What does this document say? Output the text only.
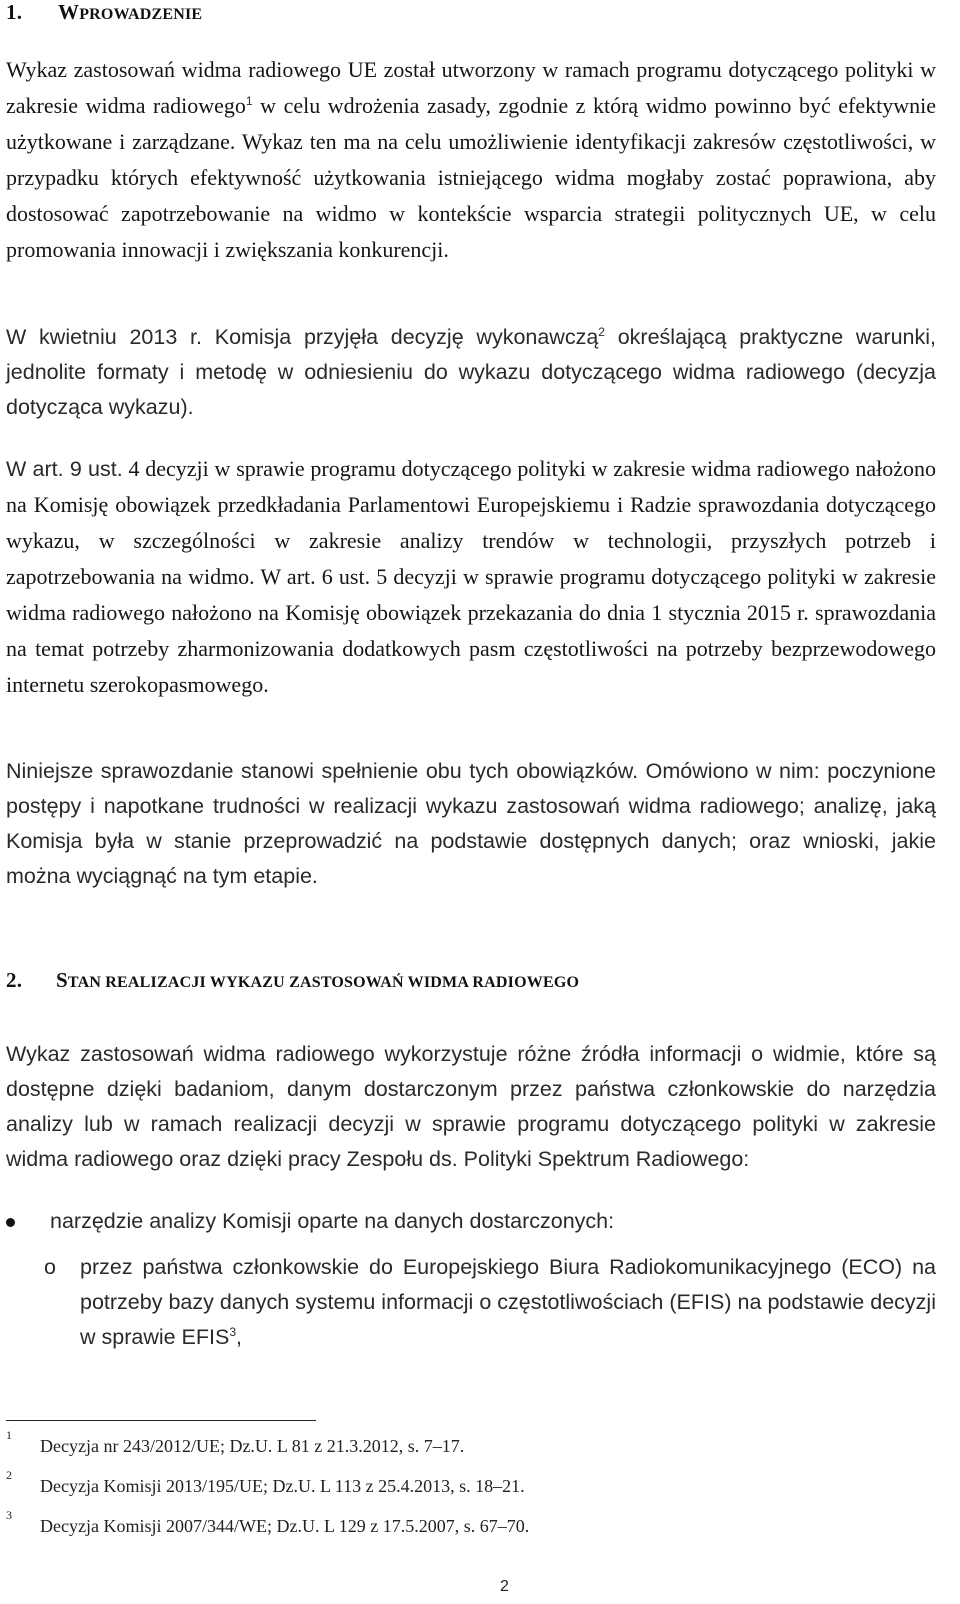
1. WPROWADZENIE
Wykaz zastosowań widma radiowego UE został utworzony w ramach programu dotyczącego polityki w zakresie widma radiowego$^1$ w celu wdrożenia zasady, zgodnie z którą widmo powinno być efektywnie użytkowane i zarządzane. Wykaz ten ma na celu umożliwienie identyfikacji zakresów częstotliwości, w przypadku których efektywność użytkowania istniejącego widma mogłaby zostać poprawiona, aby dostosować zapotrzebowanie na widmo w kontekście wsparcia strategii politycznych UE, w celu promowania innowacji i zwiększania konkurencji.
W kwietniu 2013 r. Komisja przyjęła decyzję wykonawczą$^2$ określającą praktyczne warunki, jednolite formaty i metodę w odniesieniu do wykazu dotyczącego widma radiowego (decyzja dotycząca wykazu).
W art. 9 ust. 4 decyzji w sprawie programu dotyczącego polityki w zakresie widma radiowego nałożono na Komisję obowiązek przedkładania Parlamentowi Europejskiemu i Radzie sprawozdania dotyczącego wykazu, w szczególności w zakresie analizy trendów w technologii, przyszłych potrzeb i zapotrzebowania na widmo. W art. 6 ust. 5 decyzji w sprawie programu dotyczącego polityki w zakresie widma radiowego nałożono na Komisję obowiązek przekazania do dnia 1 stycznia 2015 r. sprawozdania na temat potrzeby zharmonizowania dodatkowych pasm częstotliwości na potrzeby bezprzewodowego internetu szerokopasmowego.
Niniejsze sprawozdanie stanowi spełnienie obu tych obowiązków. Omówiono w nim: poczynione postępy i napotkane trudności w realizacji wykazu zastosowań widma radiowego; analizę, jaką Komisja była w stanie przeprowadzić na podstawie dostępnych danych; oraz wnioski, jakie można wyciągnąć na tym etapie.
2. STAN REALIZACJI WYKAZU ZASTOSOWAŃ WIDMA RADIOWEGO
Wykaz zastosowań widma radiowego wykorzystuje różne źródła informacji o widmie, które są dostępne dzięki badaniom, danym dostarczonym przez państwa członkowskie do narzędzia analizy lub w ramach realizacji decyzji w sprawie programu dotyczącego polityki w zakresie widma radiowego oraz dzięki pracy Zespołu ds. Polityki Spektrum Radiowego:
narzędzie analizy Komisji oparte na danych dostarczonych:
o przez państwa członkowskie do Europejskiego Biura Radiokomunikacyjnego (ECO) na potrzeby bazy danych systemu informacji o częstotliwościach (EFIS) na podstawie decyzji w sprawie EFIS$^3$,
1
Decyzja nr 243/2012/UE; Dz.U. L 81 z 21.3.2012, s. 7–17.
2
Decyzja Komisji 2013/195/UE; Dz.U. L 113 z 25.4.2013, s. 18–21.
3
Decyzja Komisji 2007/344/WE; Dz.U. L 129 z 17.5.2007, s. 67–70.
2
